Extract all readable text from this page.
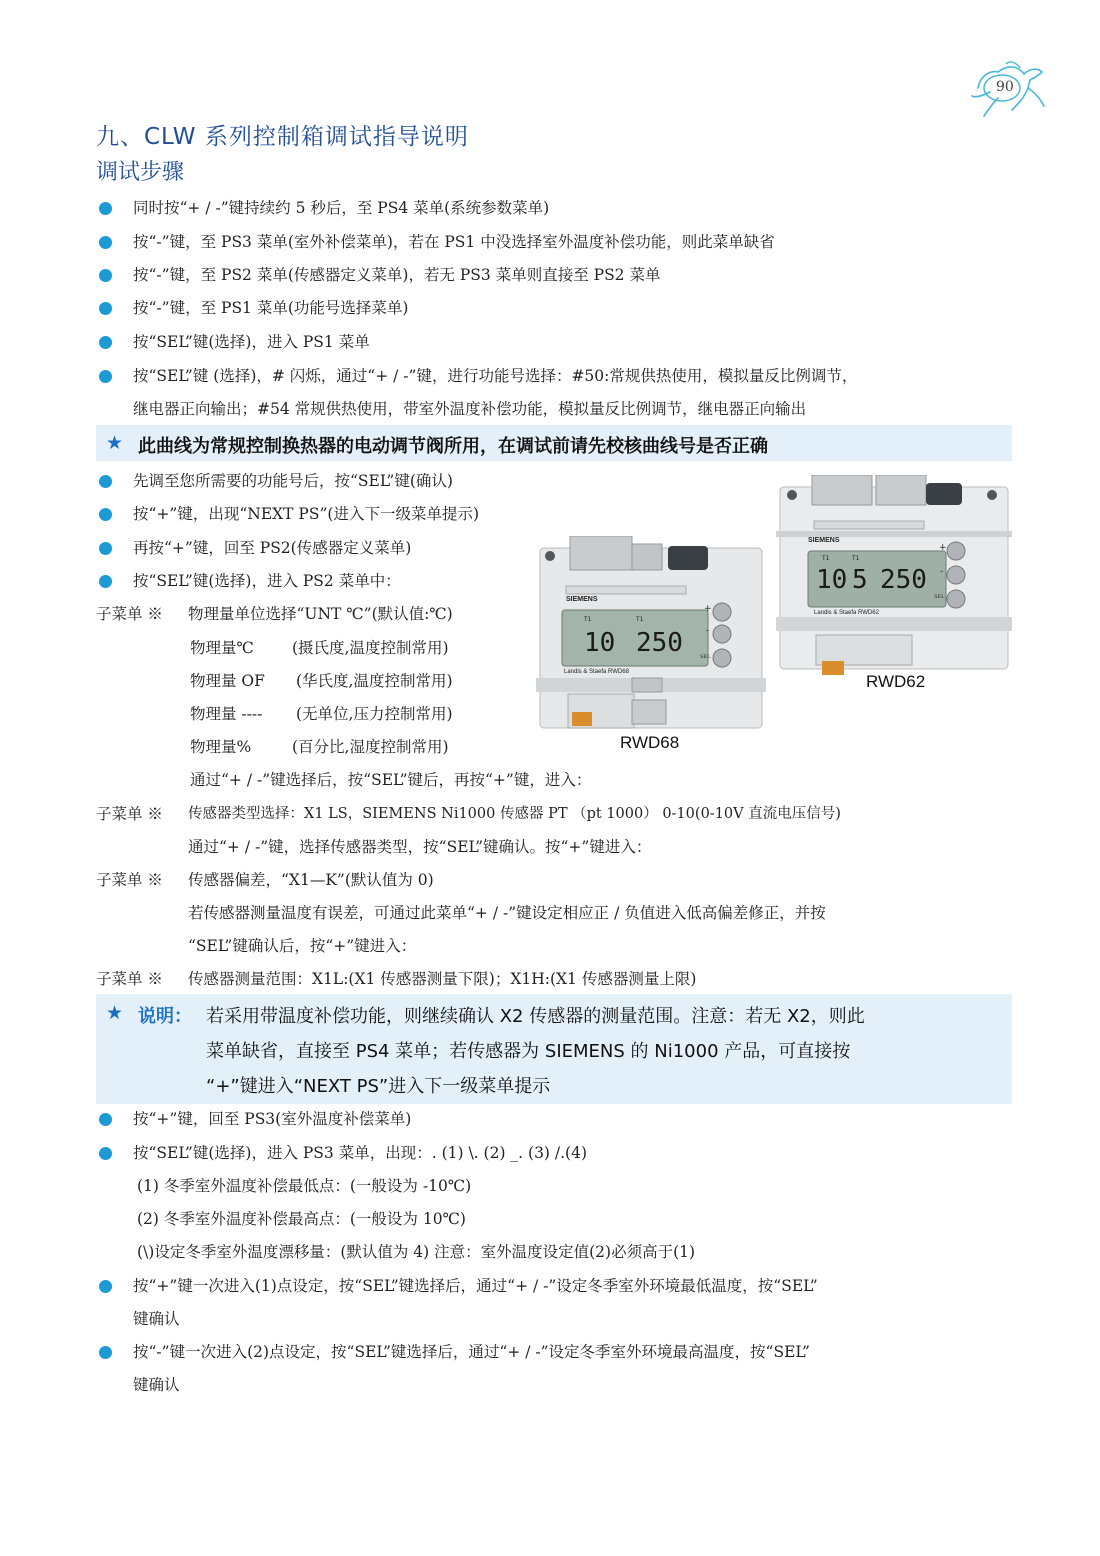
90
九、CLW 系列控制箱调试指导说明
调试步骤
同时按“+ / -”键持续约 5 秒后，至 PS4 菜单(系统参数菜单)
按“-”键，至 PS3 菜单(室外补偿菜单)，若在 PS1 中没选择室外温度补偿功能，则此菜单缺省
按“-”键，至 PS2 菜单(传感器定义菜单)，若无 PS3 菜单则直接至 PS2 菜单
按“-”键，至 PS1 菜单(功能号选择菜单)
按“SEL”键(选择)，进入 PS1 菜单
按“SEL”键 (选择)，# 闪烁，通过“+ / -”键，进行功能号选择：#50:常规供热使用，模拟量反比例调节，
继电器正向输出；#54 常规供热使用，带室外温度补偿功能，模拟量反比例调节，继电器正向输出
★ 此曲线为常规控制换热器的电动调节阀所用，在调试前请先校核曲线号是否正确
先调至您所需要的功能号后，按“SEL”键(确认)
按“+”键，出现“NEXT PS”(进入下一级菜单提示)
再按“+”键，回至 PS2(传感器定义菜单)
按“SEL”键(选择)，进入 PS2 菜单中：
子菜单 ※ 物理量单位选择“UNT ℃”(默认值:℃)
物理量℃ (摄氏度,温度控制常用)
物理量 OF (华氏度,温度控制常用)
物理量 ---- (无单位,压力控制常用)
物理量%	(百分比,湿度控制常用)
通过“+ / -”键选择后，按“SEL”键后，再按“+”键，进入：
子菜单 ※ 传感器类型选择：X1 LS，SIEMENS Ni1000 传感器 PT （pt 1000） 0-10(0-10V 直流电压信号)
通过“+ / -”键，选择传感器类型，按“SEL”键确认。按“+”键进入：
子菜单 ※ 传感器偏差，“X1—K”(默认值为 0)
若传感器测量温度有误差，可通过此菜单“+ / -”键设定相应正 / 负值进入低高偏差修正，并按
“SEL”键确认后，按“+”键进入：
子菜单 ※ 传感器测量范围：X1L:(X1 传感器测量下限)；X1H:(X1 传感器测量上限)
★ 说明： 若采用带温度补偿功能，则继续确认 X2 传感器的测量范围。注意：若无 X2，则此
菜单缺省，直接至 PS4 菜单；若传感器为 SIEMENS 的 Ni1000 产品，可直接按
“+”键进入“NEXT PS”进入下一级菜单提示
按“+”键，回至 PS3(室外温度补偿菜单)
按“SEL”键(选择)，进入 PS3 菜单，出现：. (1) \. (2) _. (3) /.(4)
(1) 冬季室外温度补偿最低点：(一般设为 -10℃)
(2) 冬季室外温度补偿最高点：(一般设为 10℃)
(\)设定冬季室外温度漂移量：(默认值为 4) 注意：室外温度设定值(2)必须高于(1)
按“+”键一次进入(1)点设定，按“SEL”键选择后，通过“+ / -”设定冬季室外环境最低温度，按“SEL”
键确认
按“-”键一次进入(2)点设定，按“SEL”键选择后，通过“+ / -”设定冬季室外环境最高温度，按“SEL”
键确认
SIEMENS
T1	T1
10 5 250
+
-
SEL
Landis & Staefa RWD62
RWD62
SIEMENS
T1	T1
10 250
+
-
SEL
Landis & Staefa RWD68
RWD68
